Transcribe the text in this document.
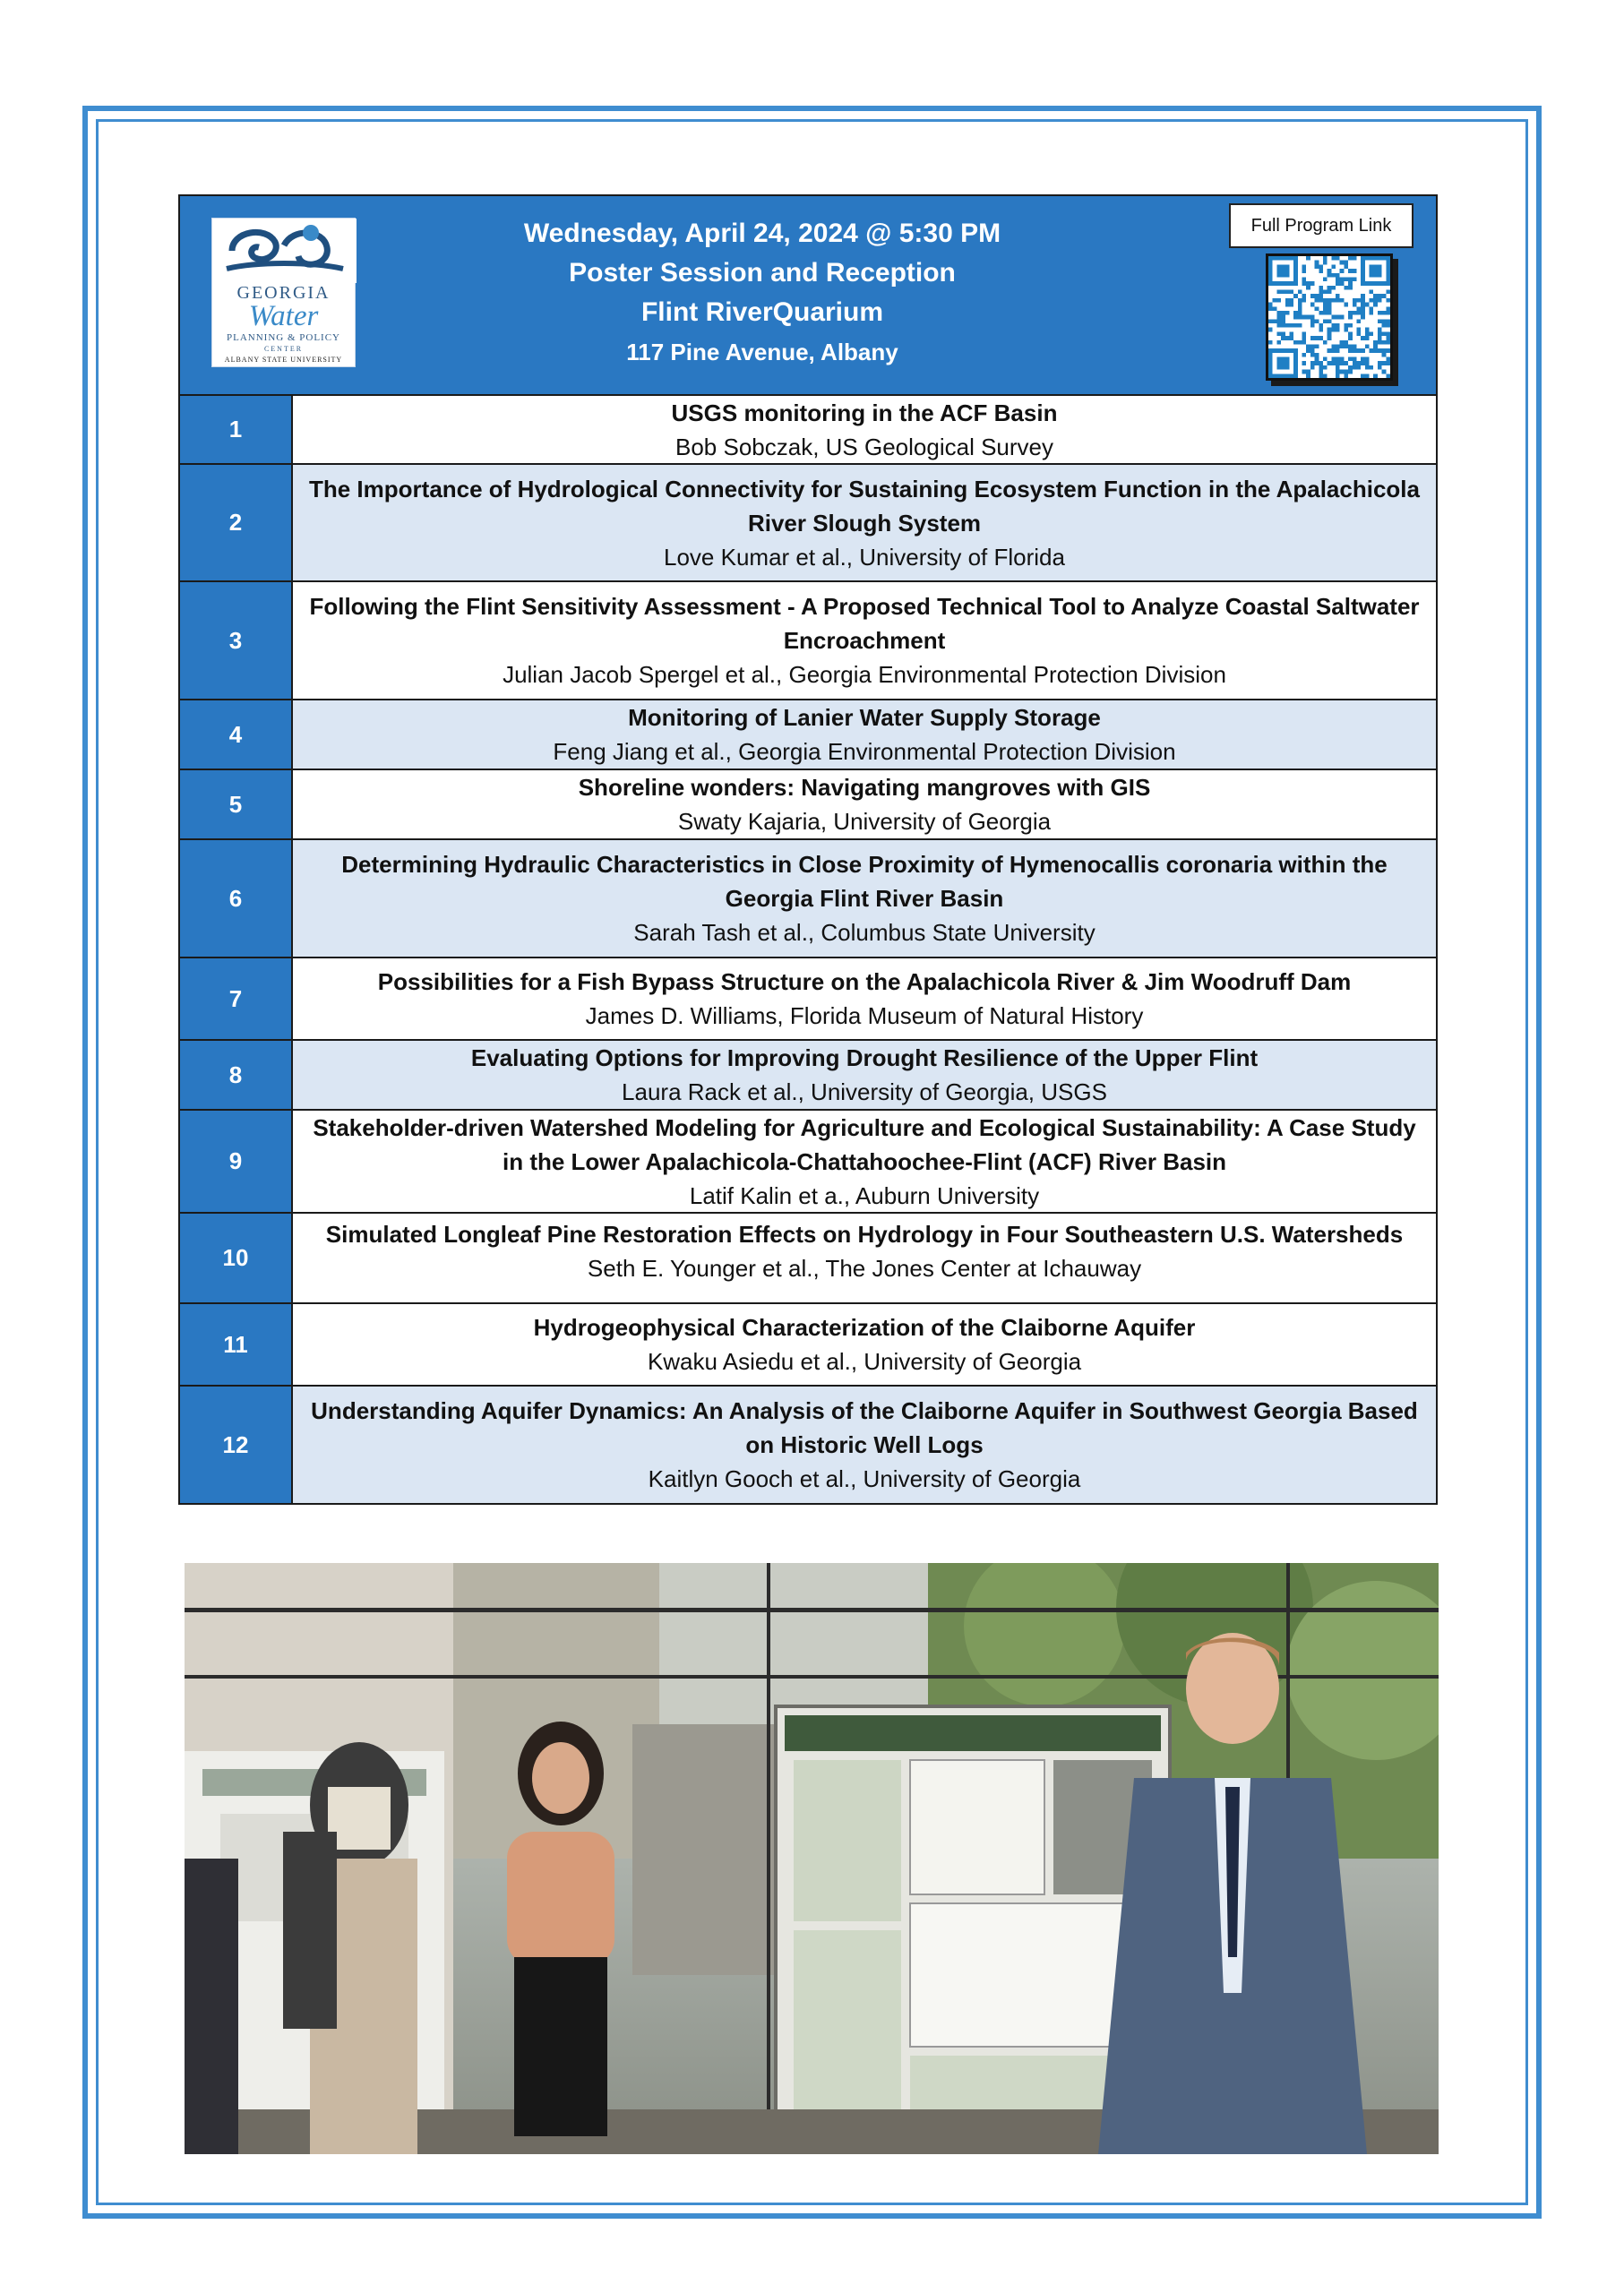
GEORGIA
Water
PLANNING & POLICY
CENTER
ALBANY STATE UNIVERSITY
Wednesday, April 24, 2024 @ 5:30 PM
Poster Session and Reception
Flint RiverQuarium
117 Pine Avenue, Albany
Full Program Link
1
USGS monitoring in the ACF Basin
Bob Sobczak, US Geological Survey
2
The Importance of Hydrological Connectivity for Sustaining Ecosystem Function in the Apalachicola River Slough System
Love Kumar et al., University of Florida
3
Following the Flint Sensitivity Assessment - A Proposed Technical Tool to Analyze Coastal Saltwater Encroachment
Julian Jacob Spergel et al., Georgia Environmental Protection Division
4
Monitoring of Lanier Water Supply Storage
Feng Jiang et al., Georgia Environmental Protection Division
5
Shoreline wonders: Navigating mangroves with GIS
Swaty Kajaria, University of Georgia
6
Determining Hydraulic Characteristics in Close Proximity of Hymenocallis coronaria within the Georgia Flint River Basin
Sarah Tash et al., Columbus State University
7
Possibilities for a Fish Bypass Structure on the Apalachicola River & Jim Woodruff Dam
James D. Williams, Florida Museum of Natural History
8
Evaluating Options for Improving Drought Resilience of the Upper Flint
Laura Rack et al., University of Georgia, USGS
9
Stakeholder-driven Watershed Modeling for Agriculture and Ecological Sustainability: A Case Study in the Lower Apalachicola-Chattahoochee-Flint (ACF) River Basin
Latif Kalin et a., Auburn University
10
Simulated Longleaf Pine Restoration Effects on Hydrology in Four Southeastern U.S. Watersheds
Seth E. Younger et al., The Jones Center at Ichauway
11
Hydrogeophysical Characterization of the Claiborne Aquifer
Kwaku Asiedu et al., University of Georgia
12
Understanding Aquifer Dynamics: An Analysis of the Claiborne Aquifer in Southwest Georgia Based on Historic Well Logs
Kaitlyn Gooch et al., University of Georgia
